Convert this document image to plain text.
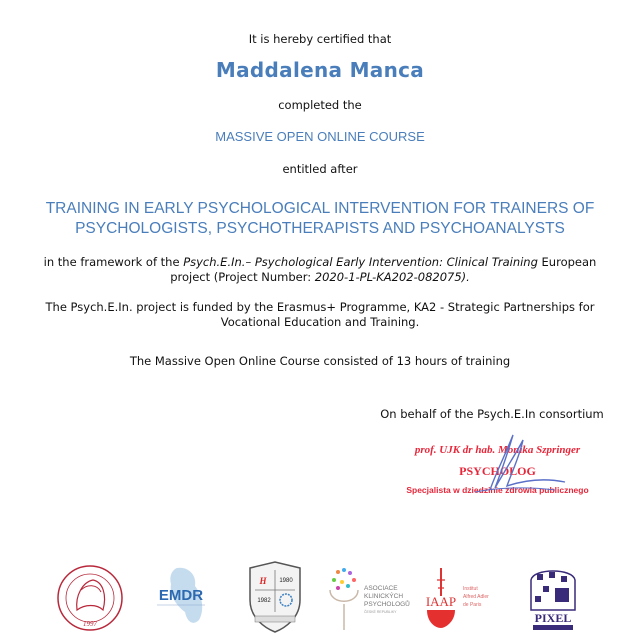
It is hereby certified that
Maddalena Manca
completed the
MASSIVE OPEN ONLINE COURSE
entitled after
TRAINING IN EARLY PSYCHOLOGICAL INTERVENTION FOR TRAINERS OF
PSYCHOLOGISTS, PSYCHOTHERAPISTS AND PSYCHOANALYSTS
in the framework of the Psych.E.In.– Psychological Early Intervention: Clinical Training European
project (Project Number: 2020-1-PL-KA202-082075).
The Psych.E.In. project is funded by the Erasmus+ Programme, KA2 - Strategic Partnerships for
Vocational Education and Training.
The Massive Open Online Course consisted of 13 hours of training
On behalf of the Psych.E.In consortium
prof. UJK dr hab. Monika Szpringer
PSYCHOLOG
Specjalista w dziedzinie zdrowia publicznego
1997
EMDR
H 1980
1982
ASOCIACE
KLINICKÝCH
PSYCHOLOGŮ
ČESKÉ REPUBLIKY
IAAP
Institut
Alfred Adler
de Paris
PIXEL
